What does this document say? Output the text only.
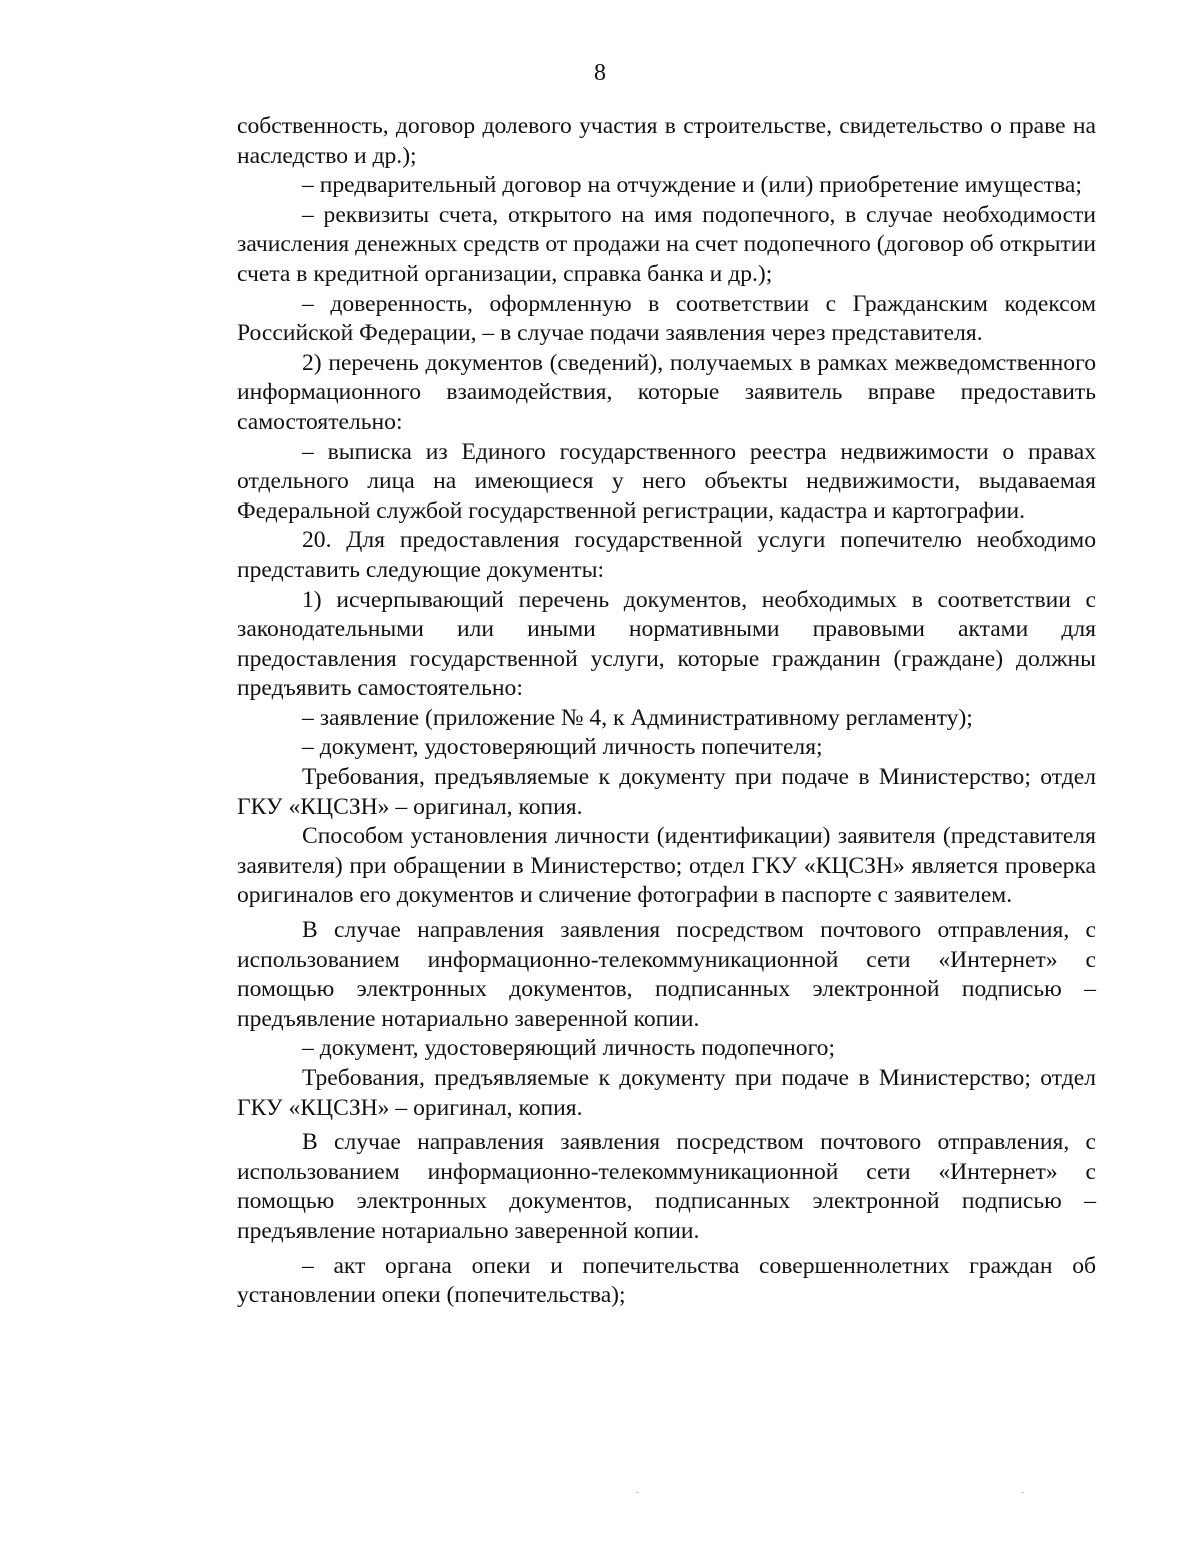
8

собственность, договор долевого участия в строительстве, свидетельство о праве на наследство и др.);

– предварительный договор на отчуждение и (или) приобретение имущества;

– реквизиты счета, открытого на имя подопечного, в случае необходимости зачисления денежных средств от продажи на счет подопечного (договор об открытии счета в кредитной организации, справка банка и др.);

– доверенность, оформленную в соответствии с Гражданским кодексом Российской Федерации, – в случае подачи заявления через представителя.

2) перечень документов (сведений), получаемых в рамках межведомственного информационного взаимодействия, которые заявитель вправе предоставить самостоятельно:

– выписка из Единого государственного реестра недвижимости о правах отдельного лица на имеющиеся у него объекты недвижимости, выдаваемая Федеральной службой государственной регистрации, кадастра и картографии.

20. Для предоставления государственной услуги попечителю необходимо представить следующие документы:

1) исчерпывающий перечень документов, необходимых в соответствии с законодательными или иными нормативными правовыми актами для предоставления государственной услуги, которые гражданин (граждане) должны предъявить самостоятельно:

– заявление (приложение № 4, к Административному регламенту);

– документ, удостоверяющий личность попечителя;

Требования, предъявляемые к документу при подаче в Министерство; отдел ГКУ «КЦСЗН» – оригинал, копия.

Способом установления личности (идентификации) заявителя (представителя заявителя) при обращении в Министерство; отдел ГКУ «КЦСЗН» является проверка оригиналов его документов и сличение фотографии в паспорте с заявителем.

В случае направления заявления посредством почтового отправления, с использованием информационно-телекоммуникационной сети «Интернет» с помощью электронных документов, подписанных электронной подписью – предъявление нотариально заверенной копии.

– документ, удостоверяющий личность подопечного;

Требования, предъявляемые к документу при подаче в Министерство; отдел ГКУ «КЦСЗН» – оригинал, копия.

В случае направления заявления посредством почтового отправления, с использованием информационно-телекоммуникационной сети «Интернет» с помощью электронных документов, подписанных электронной подписью – предъявление нотариально заверенной копии.

– акт органа опеки и попечительства совершеннолетних граждан об установлении опеки (попечительства);
